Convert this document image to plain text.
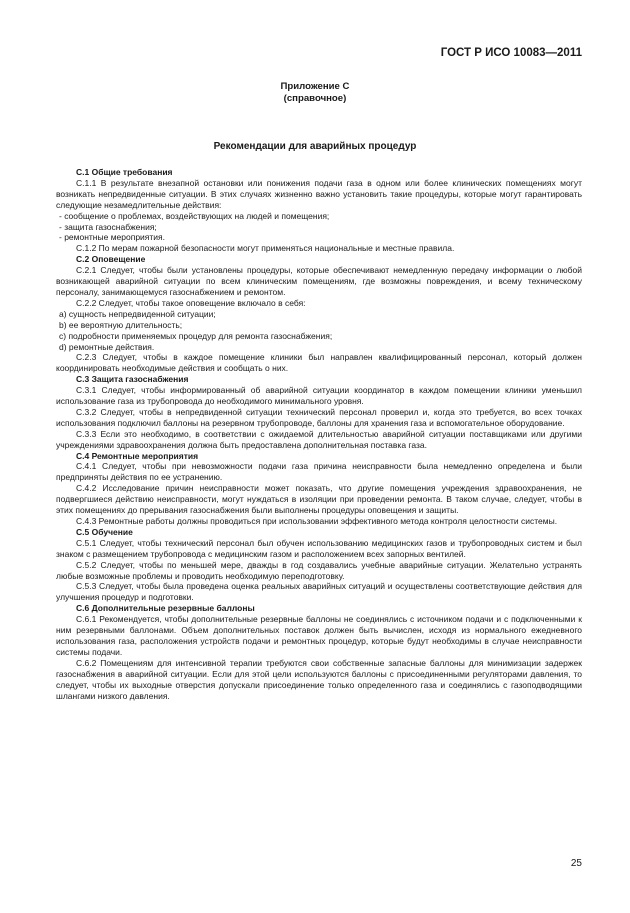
ГОСТ Р ИСО 10083—2011
Приложение С
(справочное)
Рекомендации для аварийных процедур

С.1 Общие требования

С.1.1 В результате внезапной остановки или понижения подачи газа в одном или более клинических помещениях могут возникать непредвиденные ситуации. В этих случаях жизненно важно установить такие процедуры, которые могут гарантировать следующие незамедлительные действия:

- сообщение о проблемах, воздействующих на людей и помещения;

- защита газоснабжения;

- ремонтные мероприятия.

С.1.2 По мерам пожарной безопасности могут применяться национальные и местные правила.

С.2 Оповещение

С.2.1 Следует, чтобы были установлены процедуры, которые обеспечивают немедленную передачу информации о любой возникающей аварийной ситуации по всем клиническим помещениям, где возможны повреждения, и всему техническому персоналу, занимающемуся газоснабжением и ремонтом.

С.2.2 Следует, чтобы такое оповещение включало в себя:

a) сущность непредвиденной ситуации;

b) ее вероятную длительность;

c) подробности применяемых процедур для ремонта газоснабжения;

d) ремонтные действия.

С.2.3 Следует, чтобы в каждое помещение клиники был направлен квалифицированный персонал, который должен координировать необходимые действия и сообщать о них.

С.3 Защита газоснабжения

С.3.1 Следует, чтобы информированный об аварийной ситуации координатор в каждом помещении клиники уменьшил использование газа из трубопровода до необходимого минимального уровня.

С.3.2 Следует, чтобы в непредвиденной ситуации технический персонал проверил и, когда это требуется, во всех точках использования подключил баллоны на резервном трубопроводе, баллоны для хранения газа и вспомогательное оборудование.

С.3.3 Если это необходимо, в соответствии с ожидаемой длительностью аварийной ситуации поставщиками или другими учреждениями здравоохранения должна быть предоставлена дополнительная поставка газа.

С.4 Ремонтные мероприятия

С.4.1 Следует, чтобы при невозможности подачи газа причина неисправности была немедленно определена и были предприняты действия по ее устранению.

С.4.2 Исследование причин неисправности может показать, что другие помещения учреждения здравоохранения, не подвергшиеся действию неисправности, могут нуждаться в изоляции при проведении ремонта. В таком случае, следует, чтобы в этих помещениях до прерывания газоснабжения были выполнены процедуры оповещения и защиты.

С.4.3 Ремонтные работы должны проводиться при использовании эффективного метода контроля целостности системы.

С.5 Обучение

С.5.1 Следует, чтобы технический персонал был обучен использованию медицинских газов и трубопроводных систем и был знаком с размещением трубопровода с медицинским газом и расположением всех запорных вентилей.

С.5.2 Следует, чтобы по меньшей мере, дважды в год создавались учебные аварийные ситуации. Желательно устранять любые возможные проблемы и проводить необходимую переподготовку.

С.5.3 Следует, чтобы была проведена оценка реальных аварийных ситуаций и осуществлены соответствующие действия для улучшения процедур и подготовки.

С.6 Дополнительные резервные баллоны

С.6.1 Рекомендуется, чтобы дополнительные резервные баллоны не соединялись с источником подачи и с подключенными к ним резервными баллонами. Объем дополнительных поставок должен быть вычислен, исходя из нормального ежедневного использования газа, расположения устройств подачи и ремонтных процедур, которые будут необходимы в случае неисправности системы подачи.

С.6.2 Помещениям для интенсивной терапии требуются свои собственные запасные баллоны для минимизации задержек газоснабжения в аварийной ситуации. Если для этой цели используются баллоны с присоединенными регуляторами давления, то следует, чтобы их выходные отверстия допускали присоединение только определенного газа и соединялись с газоподводящими шлангами низкого давления.

25
